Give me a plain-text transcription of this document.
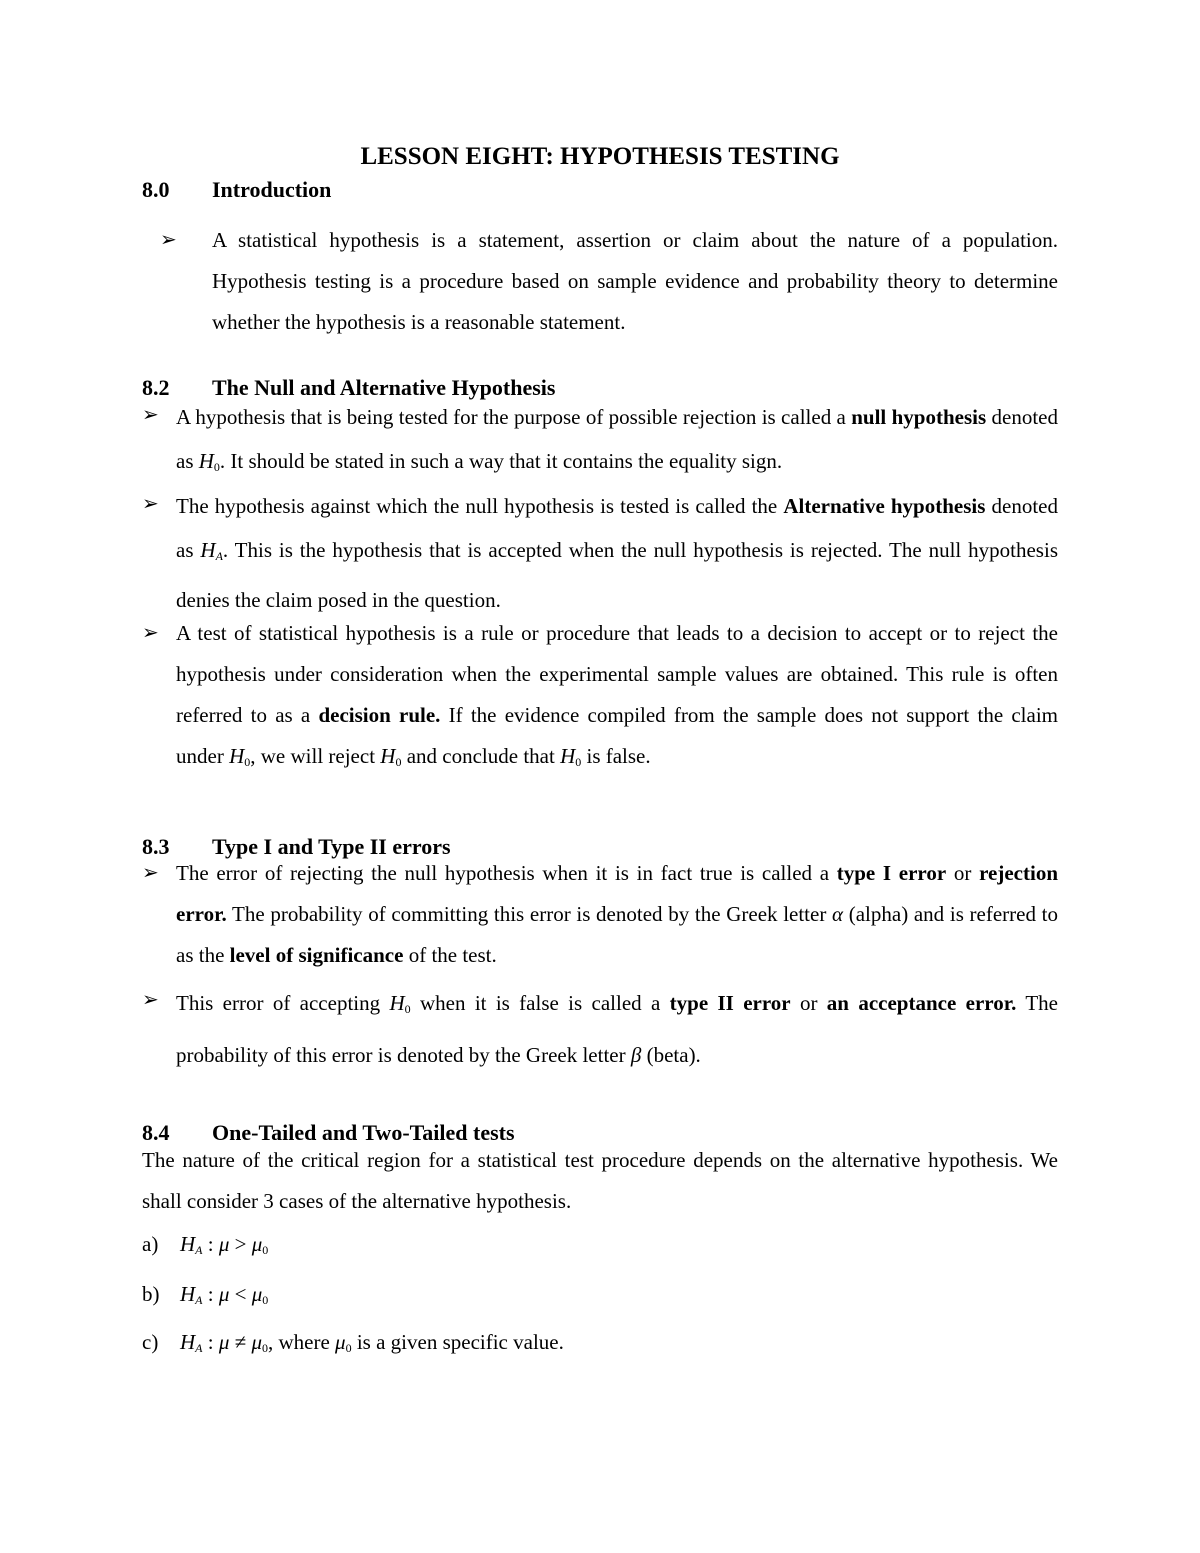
LESSON EIGHT: HYPOTHESIS TESTING
8.0 Introduction
➢ A statistical hypothesis is a statement, assertion or claim about the nature of a population. Hypothesis testing is a procedure based on sample evidence and probability theory to determine whether the hypothesis is a reasonable statement.
8.2 The Null and Alternative Hypothesis
➢ A hypothesis that is being tested for the purpose of possible rejection is called a null hypothesis denoted as $H_0$. It should be stated in such a way that it contains the equality sign.
➢ The hypothesis against which the null hypothesis is tested is called the Alternative hypothesis denoted as $H_A$. This is the hypothesis that is accepted when the null hypothesis is rejected. The null hypothesis denies the claim posed in the question.
➢ A test of statistical hypothesis is a rule or procedure that leads to a decision to accept or to reject the hypothesis under consideration when the experimental sample values are obtained. This rule is often referred to as a decision rule. If the evidence compiled from the sample does not support the claim under $H_0$, we will reject $H_0$ and conclude that $H_0$ is false.
8.3 Type I and Type II errors
➢ The error of rejecting the null hypothesis when it is in fact true is called a type I error or rejection error. The probability of committing this error is denoted by the Greek letter α (alpha) and is referred to as the level of significance of the test.
➢ This error of accepting $H_0$ when it is false is called a type II error or an acceptance error. The probability of this error is denoted by the Greek letter β (beta).
8.4 One-Tailed and Two-Tailed tests
The nature of the critical region for a statistical test procedure depends on the alternative hypothesis. We shall consider 3 cases of the alternative hypothesis.
a) $H_A$ : $\mu > \mu_0$
b) $H_A$ : $\mu < \mu_0$
c) $H_A$ : $\mu \ne \mu_0$, where $\mu_0$ is a given specific value.
